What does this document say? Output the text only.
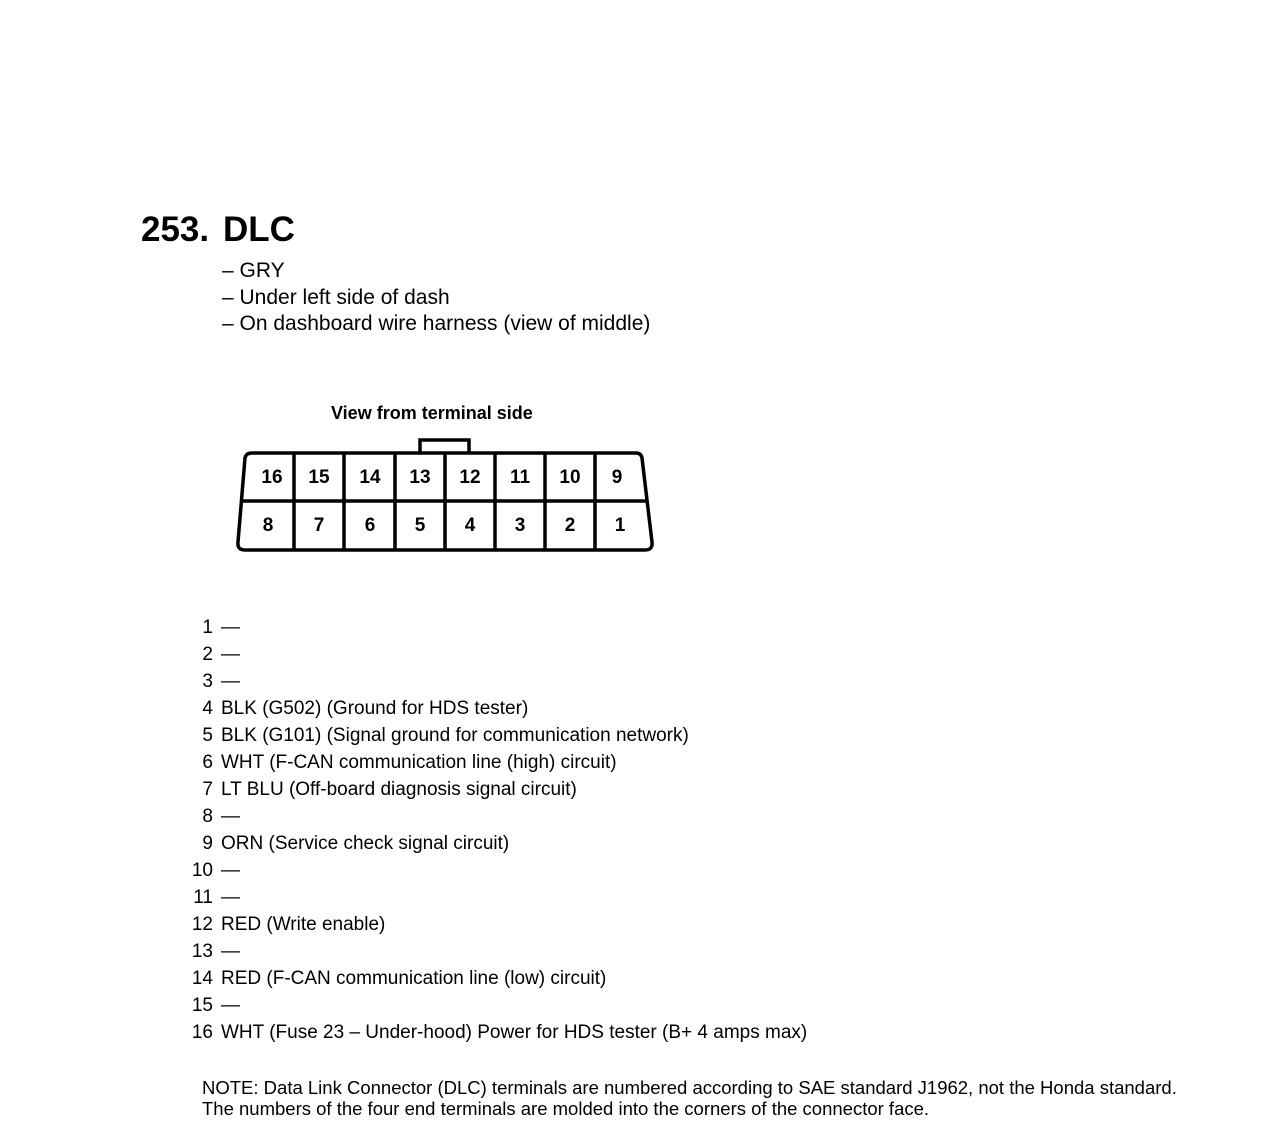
253. DLC
– GRY
– Under left side of dash
– On dashboard wire harness (view of middle)
View from terminal side
16 15 14 13 12 11 10 9
8 7 6 5 4 3 2 1
1 —
2 —
3 —
4 BLK (G502) (Ground for HDS tester)
5 BLK (G101) (Signal ground for communication network)
6 WHT (F-CAN communication line (high) circuit)
7 LT BLU (Off-board diagnosis signal circuit)
8 —
9 ORN (Service check signal circuit)
10 —
11 —
12 RED (Write enable)
13 —
14 RED (F-CAN communication line (low) circuit)
15 —
16 WHT (Fuse 23 – Under-hood) Power for HDS tester (B+ 4 amps max)
NOTE: Data Link Connector (DLC) terminals are numbered according to SAE standard J1962, not the Honda standard.
The numbers of the four end terminals are molded into the corners of the connector face.
